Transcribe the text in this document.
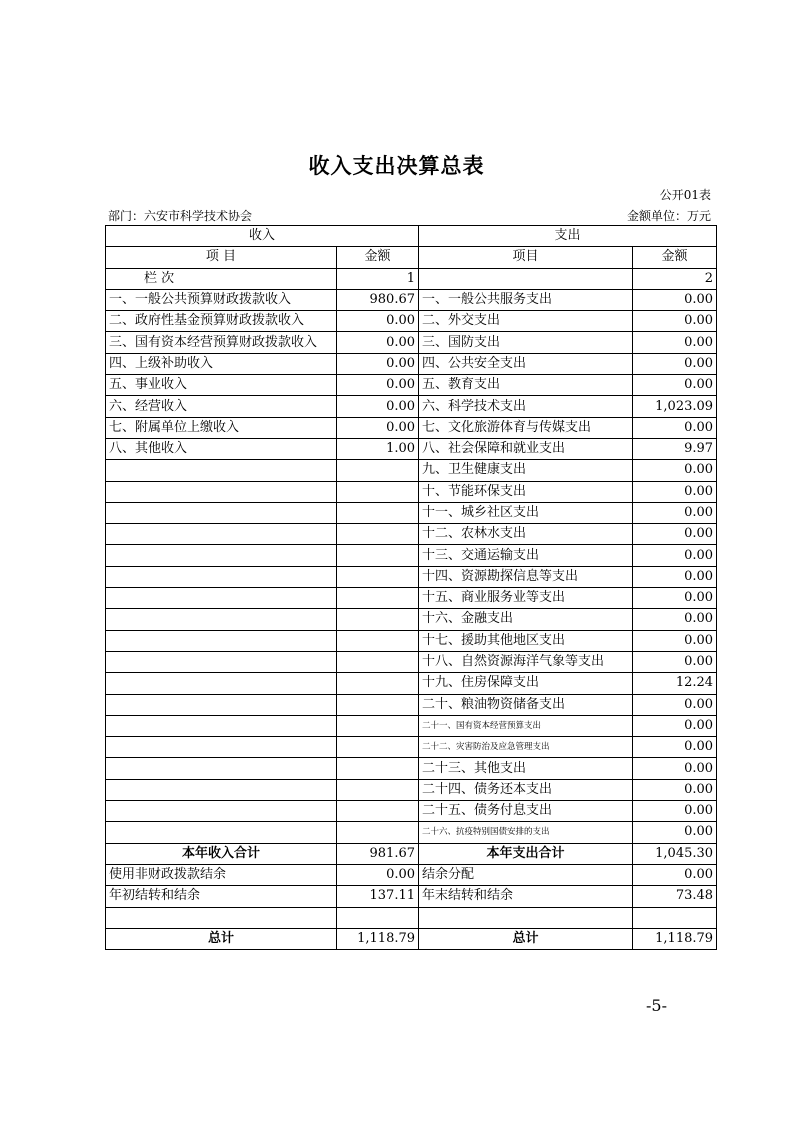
收入支出决算总表
公开01表
部门：六安市科学技术协会	金额单位：万元
收入		支出	
项 目	金额	项目	金额
栏 次	1		2
一、一般公共预算财政拨款收入	980.67	一、一般公共服务支出	0.00
二、政府性基金预算财政拨款收入	0.00	二、外交支出	0.00
三、国有资本经营预算财政拨款收入	0.00	三、国防支出	0.00
四、上级补助收入	0.00	四、公共安全支出	0.00
五、事业收入	0.00	五、教育支出	0.00
六、经营收入	0.00	六、科学技术支出	1,023.09
七、附属单位上缴收入	0.00	七、文化旅游体育与传媒支出	0.00
八、其他收入	1.00	八、社会保障和就业支出	9.97
		九、卫生健康支出	0.00
		十、节能环保支出	0.00
		十一、城乡社区支出	0.00
		十二、农林水支出	0.00
		十三、交通运输支出	0.00
		十四、资源勘探信息等支出	0.00
		十五、商业服务业等支出	0.00
		十六、金融支出	0.00
		十七、援助其他地区支出	0.00
		十八、自然资源海洋气象等支出	0.00
		十九、住房保障支出	12.24
		二十、粮油物资储备支出	0.00
		二十一、国有资本经营预算支出	0.00
		二十二、灾害防治及应急管理支出	0.00
		二十三、其他支出	0.00
		二十四、债务还本支出	0.00
		二十五、债务付息支出	0.00
		二十六、抗疫特别国债安排的支出	0.00
本年收入合计	981.67	本年支出合计	1,045.30
使用非财政拨款结余	0.00	结余分配	0.00
年初结转和结余	137.11	年末结转和结余	73.48

总计	1,118.79	总计	1,118.79
-5-
